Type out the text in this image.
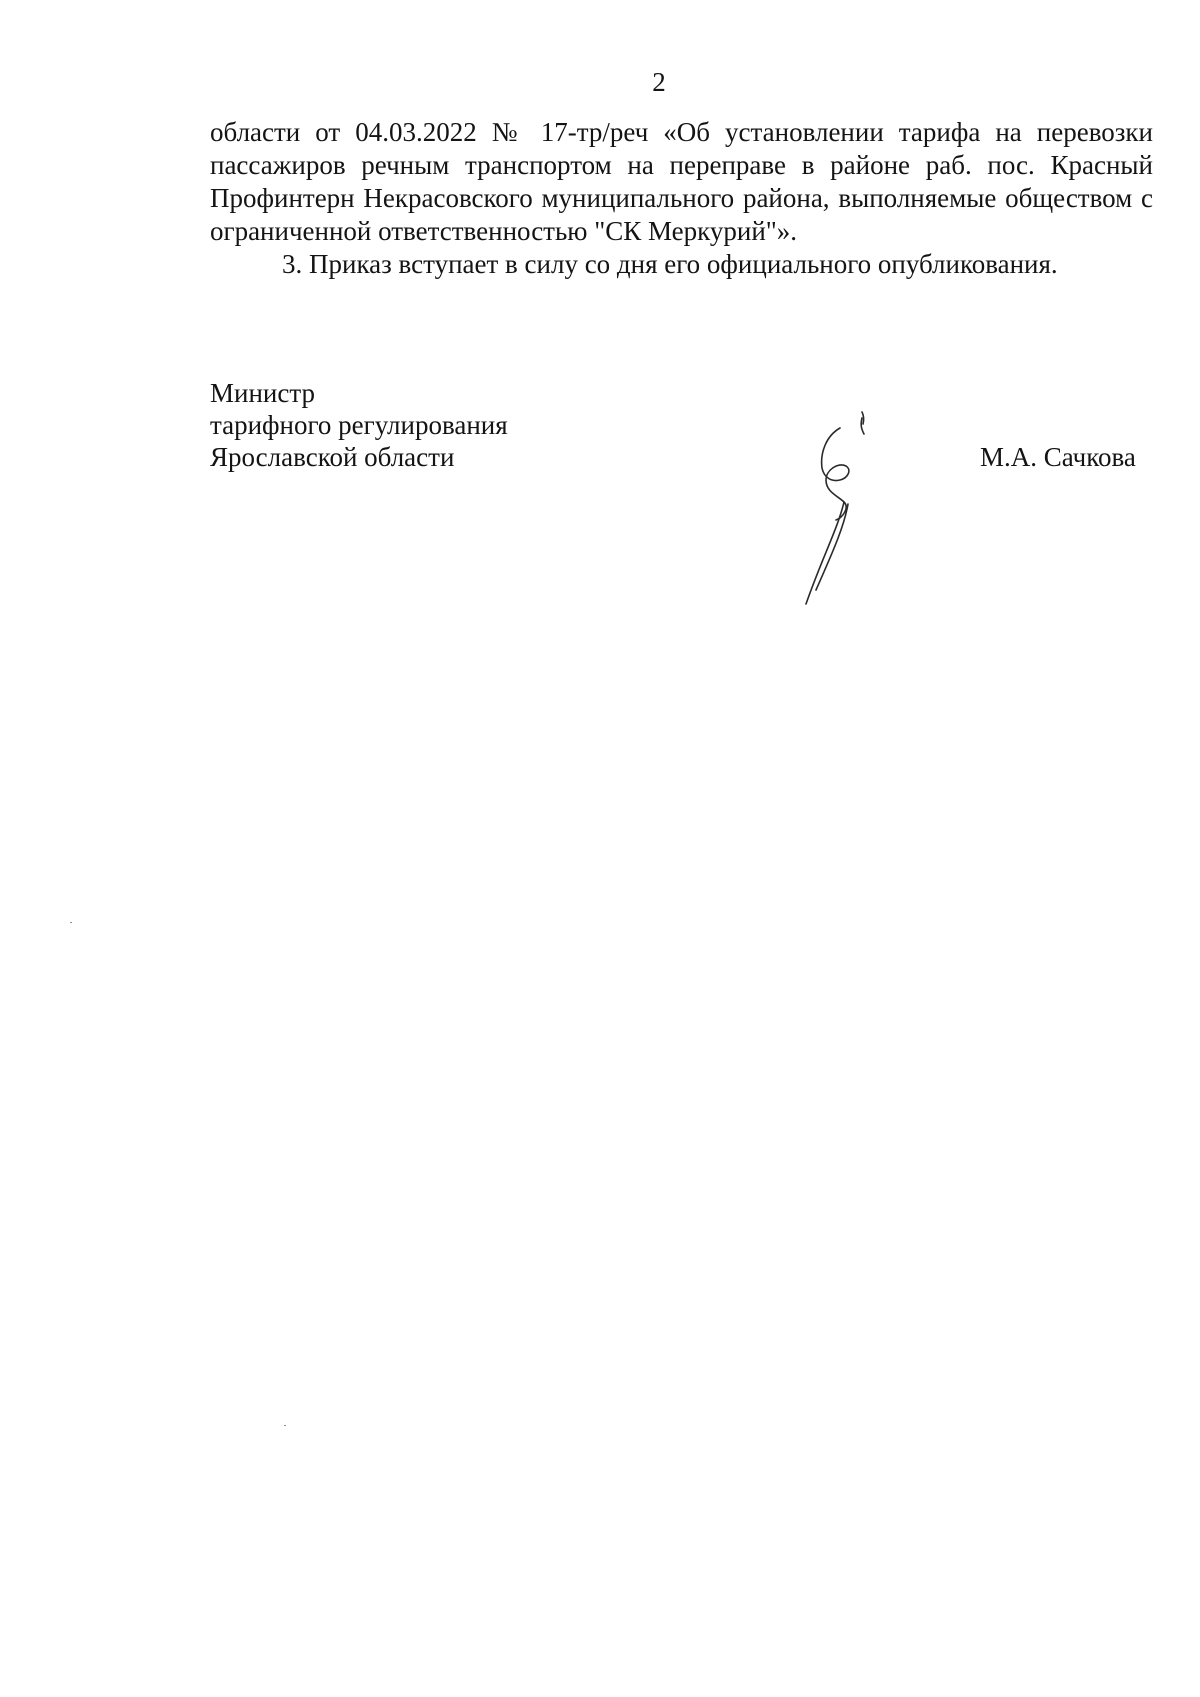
2

области от 04.03.2022 № 17-тр/реч «Об установлении тарифа на перевозки пассажиров речным транспортом на переправе в районе раб. пос. Красный Профинтерн Некрасовского муниципального района, выполняемые обществом с ограниченной ответственностью "СК Меркурий"».

3. Приказ вступает в силу со дня его официального опубликования.

Министр
тарифного регулирования
Ярославской области	М.А. Сачкова
